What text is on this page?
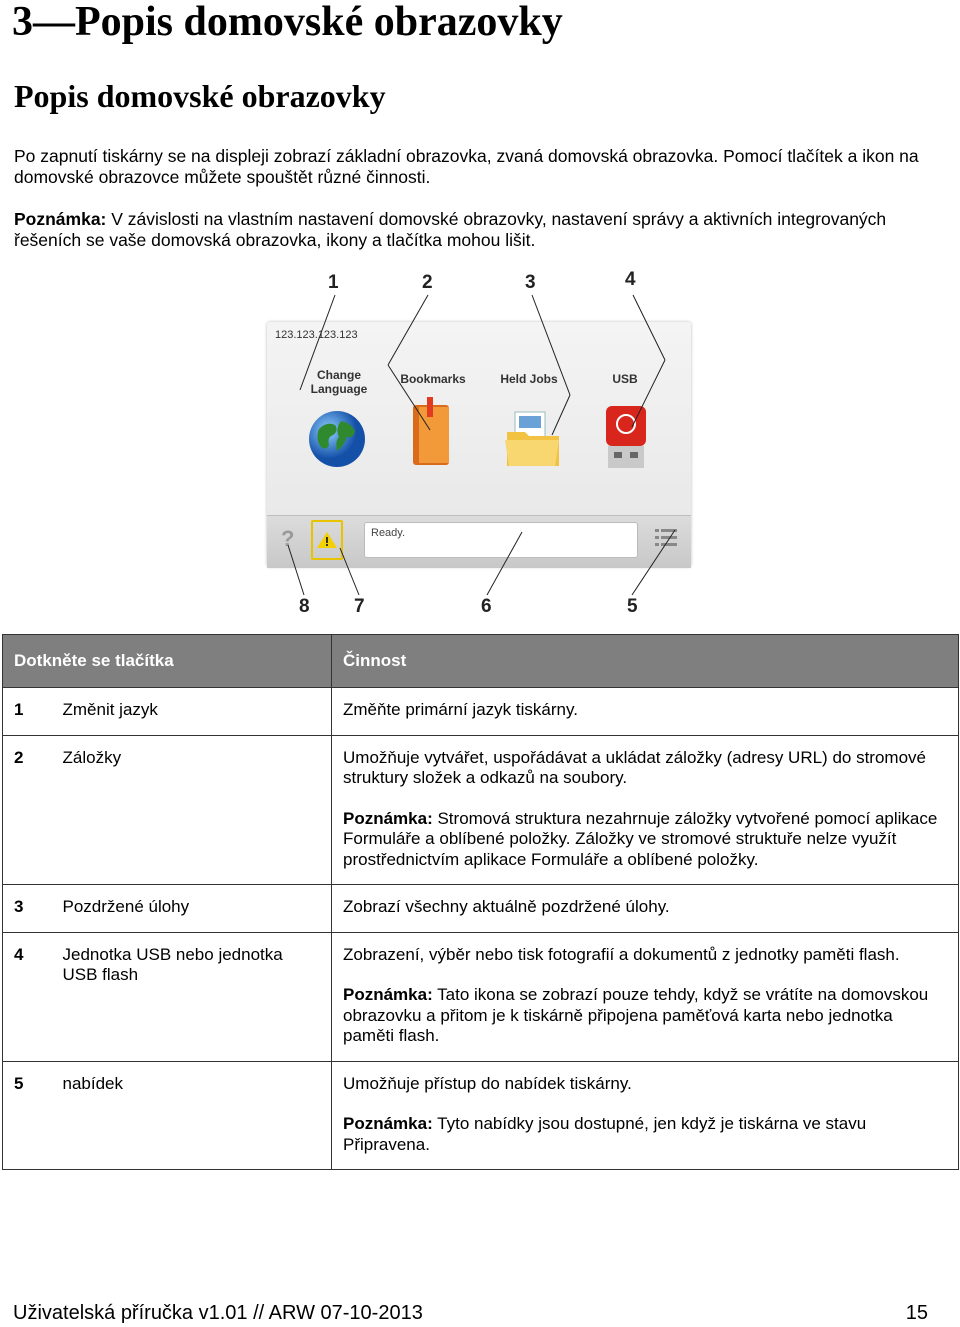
3—Popis domovské obrazovky
Popis domovské obrazovky

Po zapnutí tiskárny se na displeji zobrazí základní obrazovka, zvaná domovská obrazovka. Pomocí tlačítek a ikon na domovské obrazovce můžete spouštět různé činnosti.

Poznámka: V závislosti na vlastním nastavení domovské obrazovky, nastavení správy a aktivních integrovaných řešeních se vaše domovská obrazovka, ikony a tlačítka mohou lišit.

1	2	3	4
8 7	6	5
123.123.123.123
Change Language
Bookmarks	Held Jobs	USB
?	Ready.
Dotkněte se tlačítka		Činnost
1	Změnit jazyk	Změňte primární jazyk tiskárny.

2	Záložky	Umožňuje vytvářet, uspořádávat a ukládat záložky (adresy URL) do stromové struktury složek a odkazů na soubory.

Poznámka: Stromová struktura nezahrnuje záložky vytvořené pomocí aplikace Formuláře a oblíbené položky. Záložky ve stromové struktuře nelze využít prostřednictvím aplikace Formuláře a oblíbené položky.

3	Pozdržené úlohy	Zobrazí všechny aktuálně pozdržené úlohy.

4	Jednotka USB nebo jednotka USB flash	Zobrazení, výběr nebo tisk fotografií a dokumentů z jednotky paměti flash.

Poznámka: Tato ikona se zobrazí pouze tehdy, když se vrátíte na domovskou obrazovku a přitom je k tiskárně připojena paměťová karta nebo jednotka paměti flash.

5	nabídek	Umožňuje přístup do nabídek tiskárny.

Poznámka: Tyto nabídky jsou dostupné, jen když je tiskárna ve stavu Připravena.

Uživatelská příručka v1.01 // ARW 07-10-2013	15
